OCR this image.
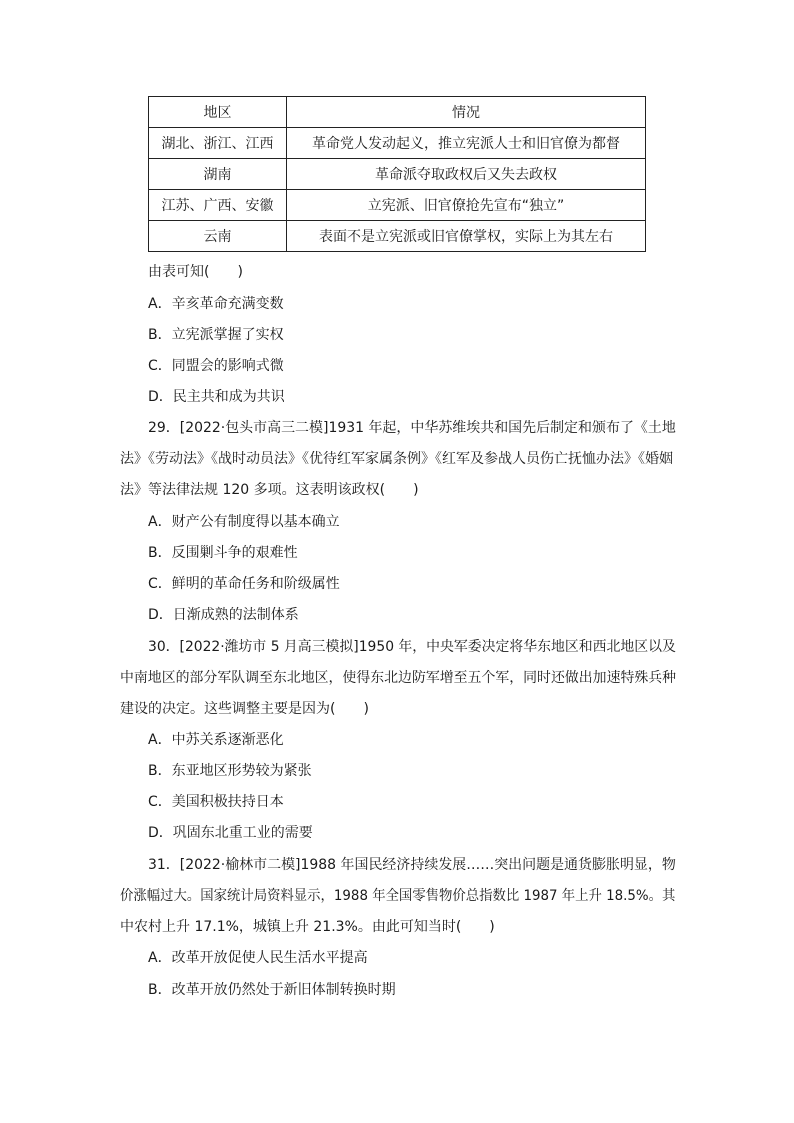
地区	情况
湖北、浙江、江西	革命党人发动起义，推立宪派人士和旧官僚为都督
湖南	革命派夺取政权后又失去政权
江苏、广西、安徽	立宪派、旧官僚抢先宣布“独立”
云南	表面不是立宪派或旧官僚掌权，实际上为其左右
由表可知(　　)
A．辛亥革命充满变数
B．立宪派掌握了实权
C．同盟会的影响式微
D．民主共和成为共识
29．[2022·包头市高三二模]1931 年起，中华苏维埃共和国先后制定和颁布了《土地
法》《劳动法》《战时动员法》《优待红军家属条例》《红军及参战人员伤亡抚恤办法》《婚姻
法》等法律法规 120 多项。这表明该政权(　　)
A．财产公有制度得以基本确立
B．反围剿斗争的艰难性
C．鲜明的革命任务和阶级属性
D．日渐成熟的法制体系
30．[2022·潍坊市 5 月高三模拟]1950 年，中央军委决定将华东地区和西北地区以及
中南地区的部分军队调至东北地区，使得东北边防军增至五个军，同时还做出加速特殊兵种
建设的决定。这些调整主要是因为(　　)
A．中苏关系逐渐恶化
B．东亚地区形势较为紧张
C．美国积极扶持日本
D．巩固东北重工业的需要
31．[2022·榆林市二模]1988 年国民经济持续发展……突出问题是通货膨胀明显，物
价涨幅过大。国家统计局资料显示，1988 年全国零售物价总指数比 1987 年上升 18.5%。其
中农村上升 17.1%，城镇上升 21.3%。由此可知当时(　　)
A．改革开放促使人民生活水平提高
B．改革开放仍然处于新旧体制转换时期
